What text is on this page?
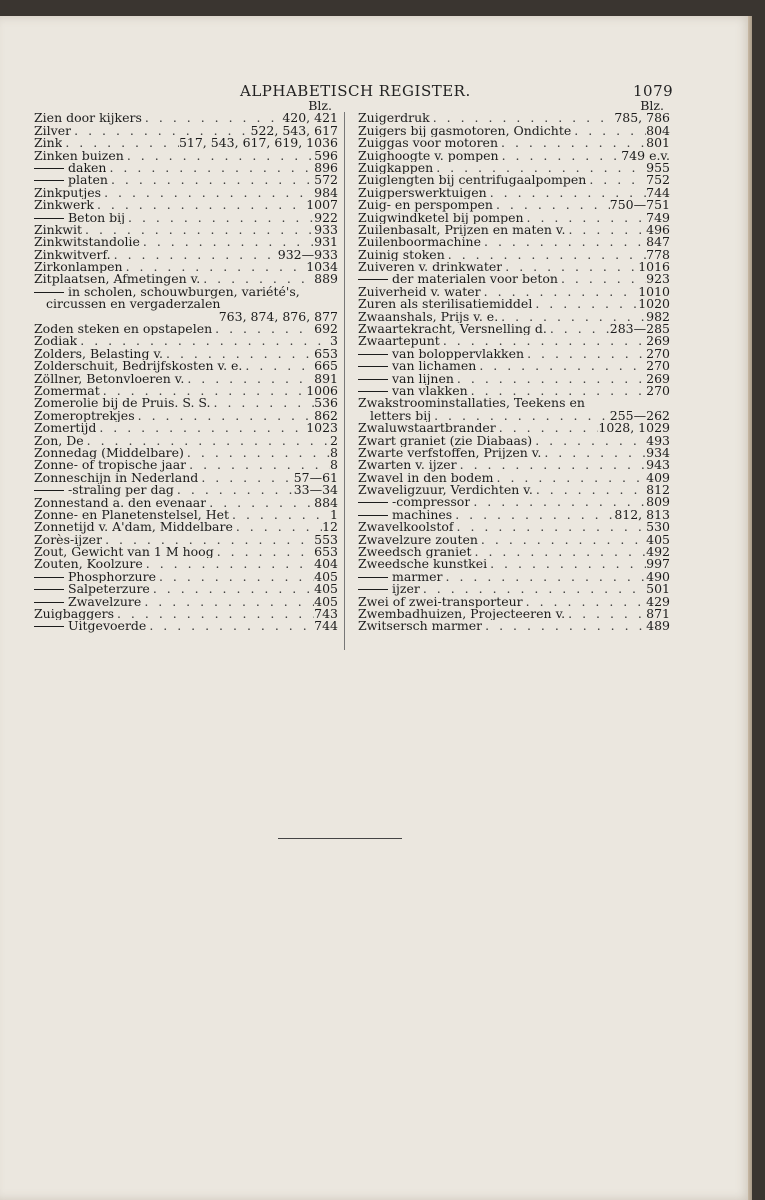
ALPHABETISCH REGISTER.	1079
Blz.
Zien door kijkers . . .	420, 421
Zilver . . .	522, 543, 617
Zink . . .	517, 543, 617, 619, 1036
Zinken buizen . . .	596
daken . . .	896
platen . . .	572
Zinkputjes . . .	984
Zinkwerk . . .	1007
Beton bij . . .	922
Zinkwit . . .	933
Zinkwitstandolie . . .	931
Zinkwitverf. . . .	932—933
Zirkonlampen . . .	1034
Zitplaatsen, Afmetingen v. . . .	889
in scholen, schouwburgen, variété's, circussen en vergaderzalen
763, 874, 876, 877
Zoden steken en opstapelen . . .	692
Zodiak . . .	3
Zolders, Belasting v. . . .	653
Zolderschuit, Bedrijfskosten v. e. . . .	665
Zöllner, Betonvloeren v. . . .	891
Zomermat . . .	1006
Zomerolie bij de Pruis. S. S. . . .	536
Zomeroptrekjes . . .	862
Zomertijd . . .	1023
Zon, De . . .	2
Zonnedag (Middelbare) . . .	8
Zonne- of tropische jaar . . .	8
Zonneschijn in Nederland . . .	57—61
-straling per dag . . .	33—34
Zonnestand a. den evenaar . . .	884
Zonne- en Planetenstelsel, Het . . .	1
Zonnetijd v. A'dam, Middelbare . . .	12
Zorès-ijzer . . .	553
Zout, Gewicht van 1 M hoog . . .	653
Zouten, Koolzure . . .	404
Phosphorzure . . .	405
Salpeterzure . . .	405
Zwavelzure . . .	405
Zuigbaggers . . .	743
Uitgevoerde . . .	744
Blz.
Zuigerdruk . . .	785, 786
Zuigers bij gasmotoren, Ondichte . . .	804
Zuiggas voor motoren . . .	801
Zuighoogte v. pompen . . .	749 e.v.
Zuigkappen . . .	955
Zuiglengten bij centrifugaalpompen . . .	752
Zuigperswerktuigen . . .	744
Zuig- en perspompen . . .	750—751
Zuigwindketel bij pompen . . .	749
Zuilenbasalt, Prijzen en maten v. . . .	496
Zuilenboormachine . . .	847
Zuinig stoken . . .	778
Zuiveren v. drinkwater . . .	1016
der materialen voor beton . . .	923
Zuiverheid v. water . . .	1010
Zuren als sterilisatiemiddel . . .	1020
Zwaanshals, Prijs v. e. . . .	982
Zwaartekracht, Versnelling d. . . .	283—285
Zwaartepunt . . .	269
van boloppervlakken . . .	270
van lichamen . . .	270
van lijnen . . .	269
van vlakken . . .	270
Zwakstroominstallaties, Teekens en
letters bij . . .	255—262
Zwaluwstaartbrander . . .	1028, 1029
Zwart graniet (zie Diabaas) . . .	493
Zwarte verfstoffen, Prijzen v. . . .	934
Zwarten v. ijzer . . .	943
Zwavel in den bodem . . .	409
Zwaveligzuur, Verdichten v. . . .	812
-compressor . . .	809
machines . . .	812, 813
Zwavelkoolstof . . .	530
Zwavelzure zouten . . .	405
Zweedsch graniet . . .	492
Zweedsche kunstkei . . .	997
marmer . . .	490
ijzer . . .	501
Zwei of zwei-transporteur . . .	429
Zwembadhuizen, Projecteeren v. . . .	871
Zwitsersch marmer . . .	489
